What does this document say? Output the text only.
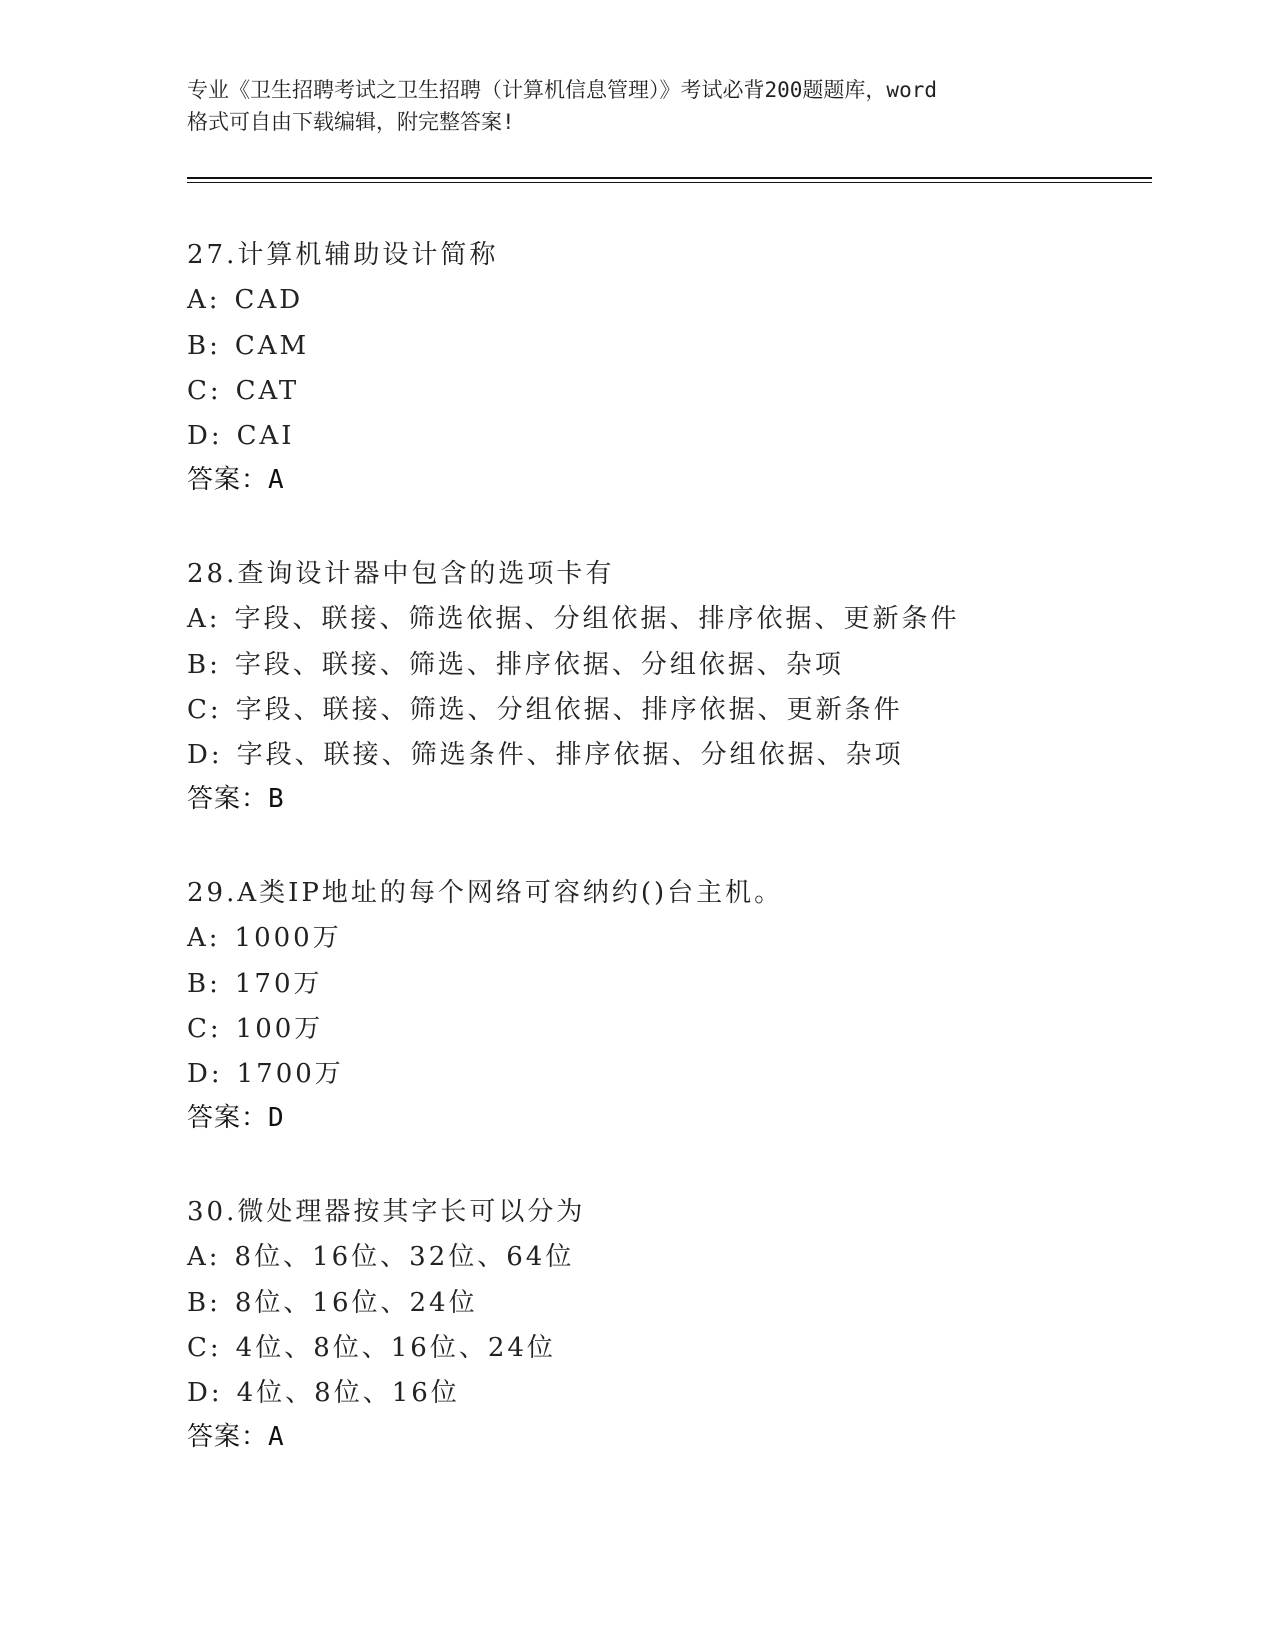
专业《卫生招聘考试之卫生招聘（计算机信息管理）》考试必背200题题库，word
格式可自由下载编辑，附完整答案!
27.计算机辅助设计简称
A: CAD
B: CAM
C: CAT
D: CAI
答案：A
28.查询设计器中包含的选项卡有
A: 字段、联接、筛选依据、分组依据、排序依据、更新条件
B: 字段、联接、筛选、排序依据、分组依据、杂项
C: 字段、联接、筛选、分组依据、排序依据、更新条件
D: 字段、联接、筛选条件、排序依据、分组依据、杂项
答案：B
29.A类IP地址的每个网络可容纳约()台主机。
A: 1000万
B: 170万
C: 100万
D: 1700万
答案：D
30.微处理器按其字长可以分为
A: 8位、16位、32位、64位
B: 8位、16位、24位
C: 4位、8位、16位、24位
D: 4位、8位、16位
答案：A
